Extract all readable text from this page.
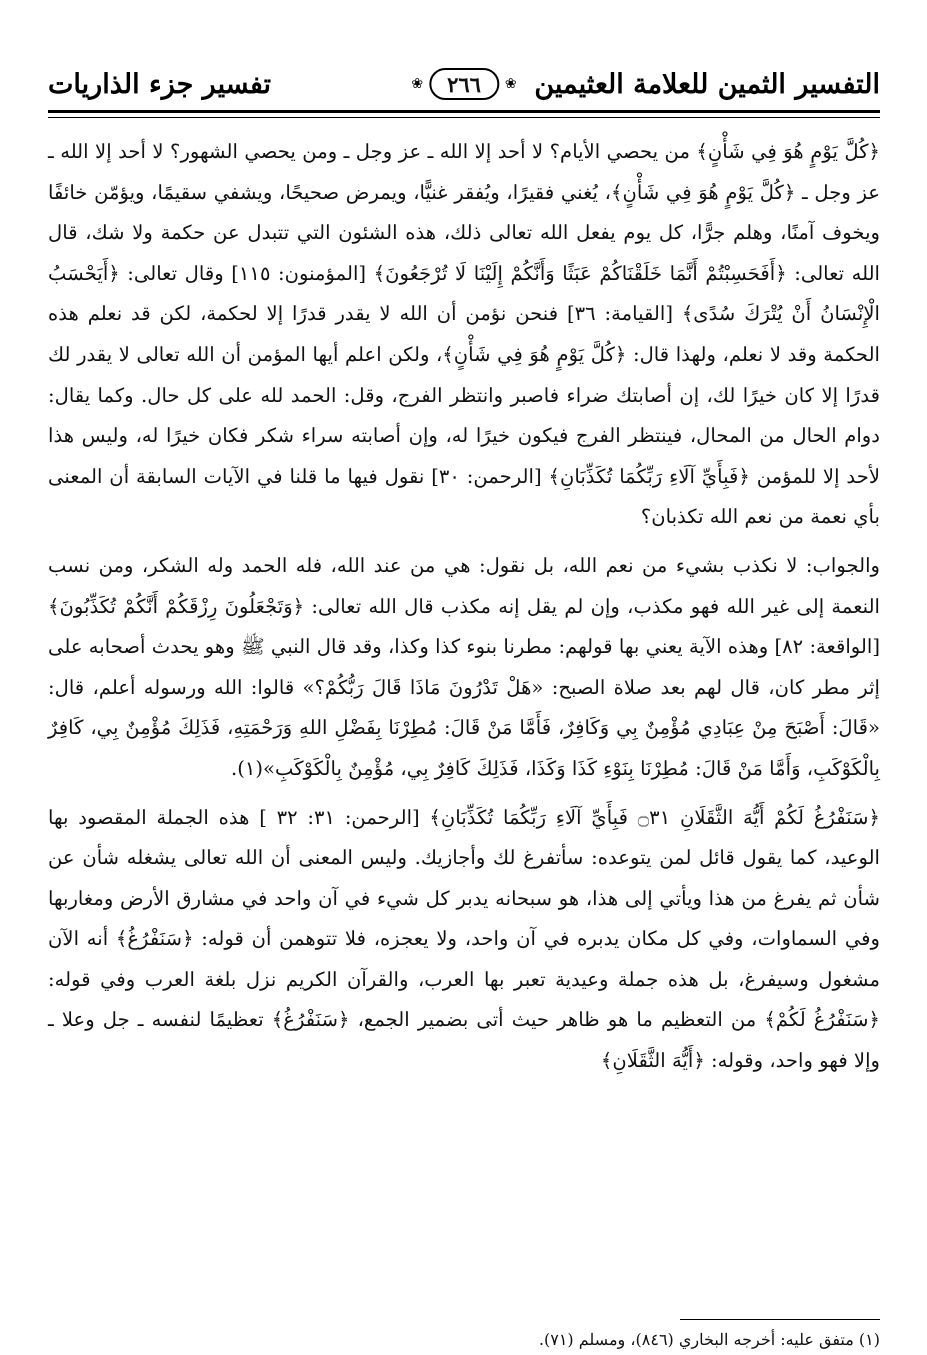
التفسير الثمين للعلامة العثيمين
❀
٢٦٦
❀
تفسير جزء الذاريات

﴿كُلَّ يَوْمٍ هُوَ فِي شَأْنٍ﴾ من يحصي الأيام؟ لا أحد إلا الله ـ عز وجل ـ ومن يحصي الشهور؟ لا أحد إلا الله ـ عز وجل ـ ﴿كُلَّ يَوْمٍ هُوَ فِي شَأْنٍ﴾، يُغني فقيرًا، ويُفقر غنيًّا، ويمرض صحيحًا، ويشفي سقيمًا، ويؤمّن خائفًا ويخوف آمنًا، وهلم جرًّا، كل يوم يفعل الله تعالى ذلك، هذه الشئون التي تتبدل عن حكمة ولا شك، قال الله تعالى: ﴿أَفَحَسِبْتُمْ أَنَّمَا خَلَقْنَاكُمْ عَبَثًا وَأَنَّكُمْ إِلَيْنَا لَا تُرْجَعُونَ﴾ [المؤمنون: ١١٥] وقال تعالى: ﴿أَيَحْسَبُ الْإِنْسَانُ أَنْ يُتْرَكَ سُدًى﴾ [القيامة: ٣٦] فنحن نؤمن أن الله لا يقدر قدرًا إلا لحكمة، لكن قد نعلم هذه الحكمة وقد لا نعلم، ولهذا قال: ﴿كُلَّ يَوْمٍ هُوَ فِي شَأْنٍ﴾، ولكن اعلم أيها المؤمن أن الله تعالى لا يقدر لك قدرًا إلا كان خيرًا لك، إن أصابتك ضراء فاصبر وانتظر الفرج، وقل: الحمد لله على كل حال. وكما يقال: دوام الحال من المحال، فينتظر الفرج فيكون خيرًا له، وإن أصابته سراء شكر فكان خيرًا له، وليس هذا لأحد إلا للمؤمن ﴿فَبِأَيِّ آلَاءِ رَبِّكُمَا تُكَذِّبَانِ﴾ [الرحمن: ٣٠] نقول فيها ما قلنا في الآيات السابقة أن المعنى بأي نعمة من نعم الله تكذبان؟

والجواب: لا نكذب بشيء من نعم الله، بل نقول: هي من عند الله، فله الحمد وله الشكر، ومن نسب النعمة إلى غير الله فهو مكذب، وإن لم يقل إنه مكذب قال الله تعالى: ﴿وَتَجْعَلُونَ رِزْقَكُمْ أَنَّكُمْ تُكَذِّبُونَ﴾ [الواقعة: ٨٢] وهذه الآية يعني بها قولهم: مطرنا بنوء كذا وكذا، وقد قال النبي ﷺ وهو يحدث أصحابه على إثر مطر كان، قال لهم بعد صلاة الصبح: «هَلْ تَدْرُونَ مَاذَا قَالَ رَبُّكُمْ؟» قالوا: الله ورسوله أعلم، قال: «قَالَ: أَصْبَحَ مِنْ عِبَادِي مُؤْمِنٌ بِي وَكَافِرٌ، فَأَمَّا مَنْ قَالَ: مُطِرْنَا بِفَضْلِ اللهِ وَرَحْمَتِهِ، فَذَلِكَ مُؤْمِنٌ بِي، كَافِرٌ بِالْكَوْكَبِ، وَأَمَّا مَنْ قَالَ: مُطِرْنَا بِنَوْءِ كَذَا وَكَذَا، فَذَلِكَ كَافِرٌ بِي، مُؤْمِنٌ بِالْكَوْكَبِ»(١).

﴿سَنَفْرُغُ لَكُمْ أَيُّهَ الثَّقَلَانِ ۝٣١ فَبِأَيِّ آلَاءِ رَبِّكُمَا تُكَذِّبَانِ﴾ [الرحمن: ٣١: ٣٢ ] هذه الجملة المقصود بها الوعيد، كما يقول قائل لمن يتوعده: سأتفرغ لك وأجازيك. وليس المعنى أن الله تعالى يشغله شأن عن شأن ثم يفرغ من هذا ويأتي إلى هذا، هو سبحانه يدبر كل شيء في آن واحد في مشارق الأرض ومغاربها وفي السماوات، وفي كل مكان يدبره في آن واحد، ولا يعجزه، فلا تتوهمن أن قوله: ﴿سَنَفْرُغُ﴾ أنه الآن مشغول وسيفرغ، بل هذه جملة وعيدية تعبر بها العرب، والقرآن الكريم نزل بلغة العرب وفي قوله: ﴿سَنَفْرُغُ لَكُمْ﴾ من التعظيم ما هو ظاهر حيث أتى بضمير الجمع، ﴿سَنَفْرُغُ﴾ تعظيمًا لنفسه ـ جل وعلا ـ وإلا فهو واحد، وقوله: ﴿أَيُّهَ الثَّقَلَانِ﴾

(١) متفق عليه: أخرجه البخاري (٨٤٦)، ومسلم (٧١).
